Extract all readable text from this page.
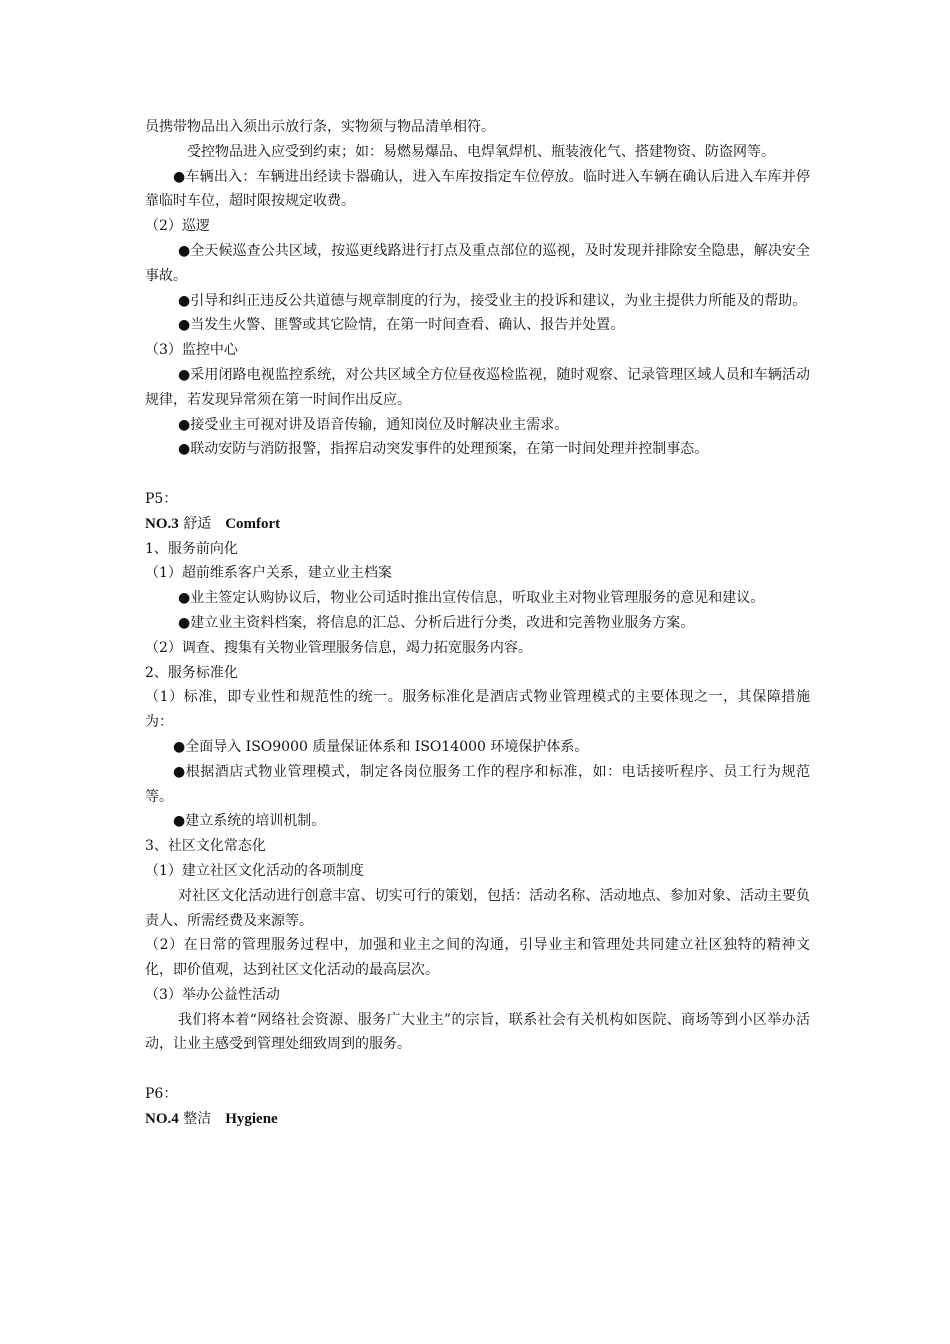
员携带物品出入须出示放行条，实物须与物品清单相符。

受控物品进入应受到约束；如：易燃易爆品、电焊氧焊机、瓶装液化气、搭建物资、防盗网等。

●车辆出入：车辆进出经读卡器确认，进入车库按指定车位停放。临时进入车辆在确认后进入车库并停靠临时车位，超时限按规定收费。

（2）巡逻

●全天候巡查公共区域，按巡更线路进行打点及重点部位的巡视，及时发现并排除安全隐患，解决安全事故。

●引导和纠正违反公共道德与规章制度的行为，接受业主的投诉和建议，为业主提供力所能及的帮助。

●当发生火警、匪警或其它险情，在第一时间查看、确认、报告并处置。

（3）监控中心

●采用闭路电视监控系统，对公共区域全方位昼夜巡检监视，随时观察、记录管理区域人员和车辆活动规律，若发现异常须在第一时间作出反应。

●接受业主可视对讲及语音传输，通知岗位及时解决业主需求。

●联动安防与消防报警，指挥启动突发事件的处理预案，在第一时间处理并控制事态。

P5：

NO.3 舒适 Comfort

1、服务前向化

（1）超前维系客户关系，建立业主档案

●业主签定认购协议后，物业公司适时推出宣传信息，听取业主对物业管理服务的意见和建议。

●建立业主资料档案，将信息的汇总、分析后进行分类，改进和完善物业服务方案。

（2）调查、搜集有关物业管理服务信息，竭力拓宽服务内容。

2、服务标准化

（1）标准，即专业性和规范性的统一。服务标准化是酒店式物业管理模式的主要体现之一，其保障措施为：

●全面导入 ISO9000 质量保证体系和 ISO14000 环境保护体系。

●根据酒店式物业管理模式，制定各岗位服务工作的程序和标准，如：电话接听程序、员工行为规范等。

●建立系统的培训机制。

3、社区文化常态化

（1）建立社区文化活动的各项制度

对社区文化活动进行创意丰富、切实可行的策划，包括：活动名称、活动地点、参加对象、活动主要负责人、所需经费及来源等。

（2）在日常的管理服务过程中，加强和业主之间的沟通，引导业主和管理处共同建立社区独特的精神文化，即价值观，达到社区文化活动的最高层次。

（3）举办公益性活动

我们将本着“网络社会资源、服务广大业主”的宗旨，联系社会有关机构如医院、商场等到小区举办活动，让业主感受到管理处细致周到的服务。

P6：

NO.4 整洁 Hygiene
